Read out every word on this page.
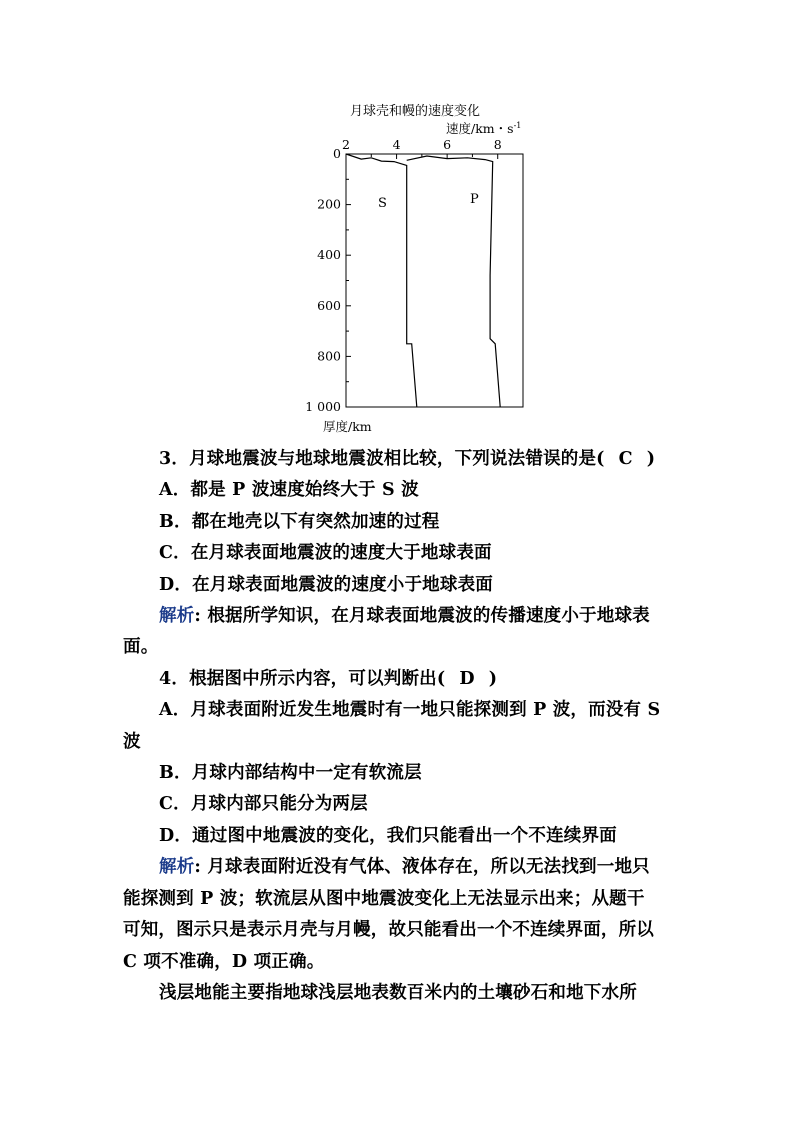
月球壳和幔的速度变化
速度/km・$s^{-1}$
2	4	6	8
0
200
400
600
800
1 000
S	P
厚度/km
3．月球地震波与地球地震波相比较，下列说法错误的是( C )
A．都是 P 波速度始终大于 S 波
B．都在地壳以下有突然加速的过程
C．在月球表面地震波的速度大于地球表面
D．在月球表面地震波的速度小于地球表面
解析: 根据所学知识，在月球表面地震波的传播速度小于地球表
面。
4．根据图中所示内容，可以判断出( D )
A．月球表面附近发生地震时有一地只能探测到 P 波，而没有 S
波
B．月球内部结构中一定有软流层
C．月球内部只能分为两层
D．通过图中地震波的变化，我们只能看出一个不连续界面
解析: 月球表面附近没有气体、液体存在，所以无法找到一地只
能探测到 P 波；软流层从图中地震波变化上无法显示出来；从题干
可知，图示只是表示月壳与月幔，故只能看出一个不连续界面，所以
C 项不准确，D 项正确。
浅层地能主要指地球浅层地表数百米内的土壤砂石和地下水所
